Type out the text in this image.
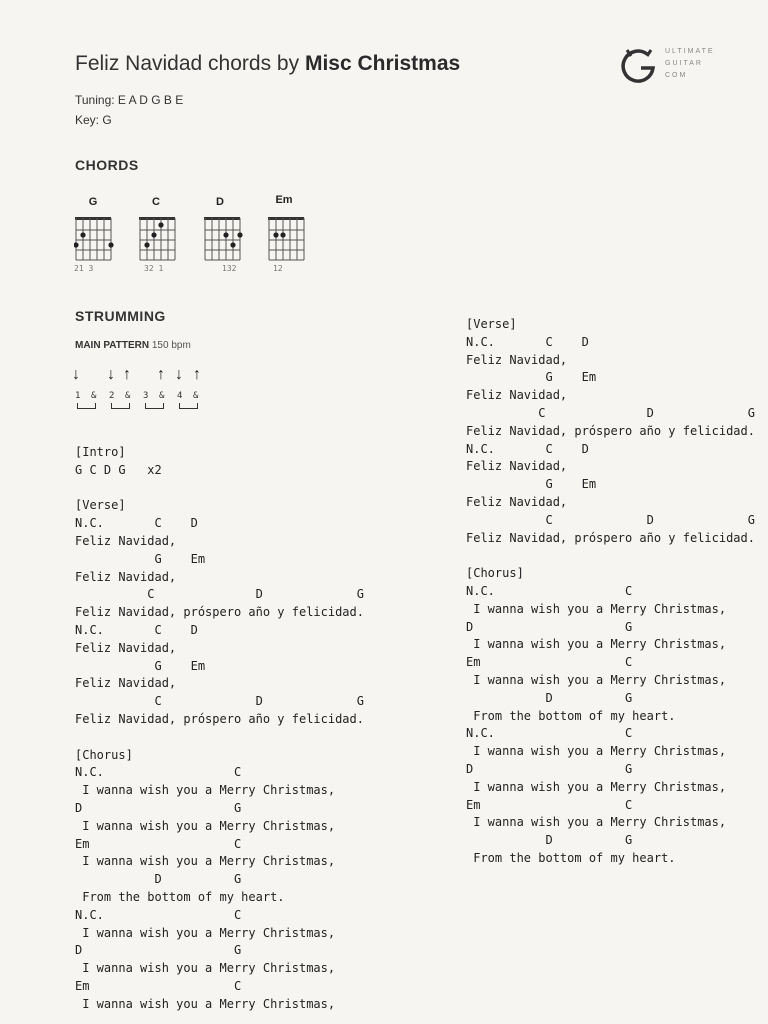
Feliz Navidad chords by Misc Christmas
Tuning: E A D G B E
Key: G
ULTIMATE
GUITAR
COM
CHORDS
G	C	D	Em
21 3	32 1	132	12
STRUMMING
MAIN PATTERN 150 bpm
↓ ↓ ↑ ↑ ↓ ↑
1 & 2 & 3 & 4 &
[Intro]
G C D G   x2
[Verse]
N.C.       C    D
Feliz Navidad,
G    Em
Feliz Navidad,
C              D             G
Feliz Navidad, próspero año y felicidad.
N.C.       C    D
Feliz Navidad,
G    Em
Feliz Navidad,
C             D             G
Feliz Navidad, próspero año y felicidad.
[Chorus]
N.C.                  C
I wanna wish you a Merry Christmas,
D                     G
I wanna wish you a Merry Christmas,
Em                    C
I wanna wish you a Merry Christmas,
D          G
From the bottom of my heart.
N.C.                  C
I wanna wish you a Merry Christmas,
D                     G
I wanna wish you a Merry Christmas,
Em                    C
I wanna wish you a Merry Christmas,
[Verse]
N.C.       C    D
Feliz Navidad,
G    Em
Feliz Navidad,
C              D             G
Feliz Navidad, próspero año y felicidad.
N.C.       C    D
Feliz Navidad,
G    Em
Feliz Navidad,
C             D             G
Feliz Navidad, próspero año y felicidad.
[Chorus]
N.C.                  C
I wanna wish you a Merry Christmas,
D                     G
I wanna wish you a Merry Christmas,
Em                    C
I wanna wish you a Merry Christmas,
D          G
From the bottom of my heart.
N.C.                  C
I wanna wish you a Merry Christmas,
D                     G
I wanna wish you a Merry Christmas,
Em                    C
I wanna wish you a Merry Christmas,
D          G
From the bottom of my heart.
